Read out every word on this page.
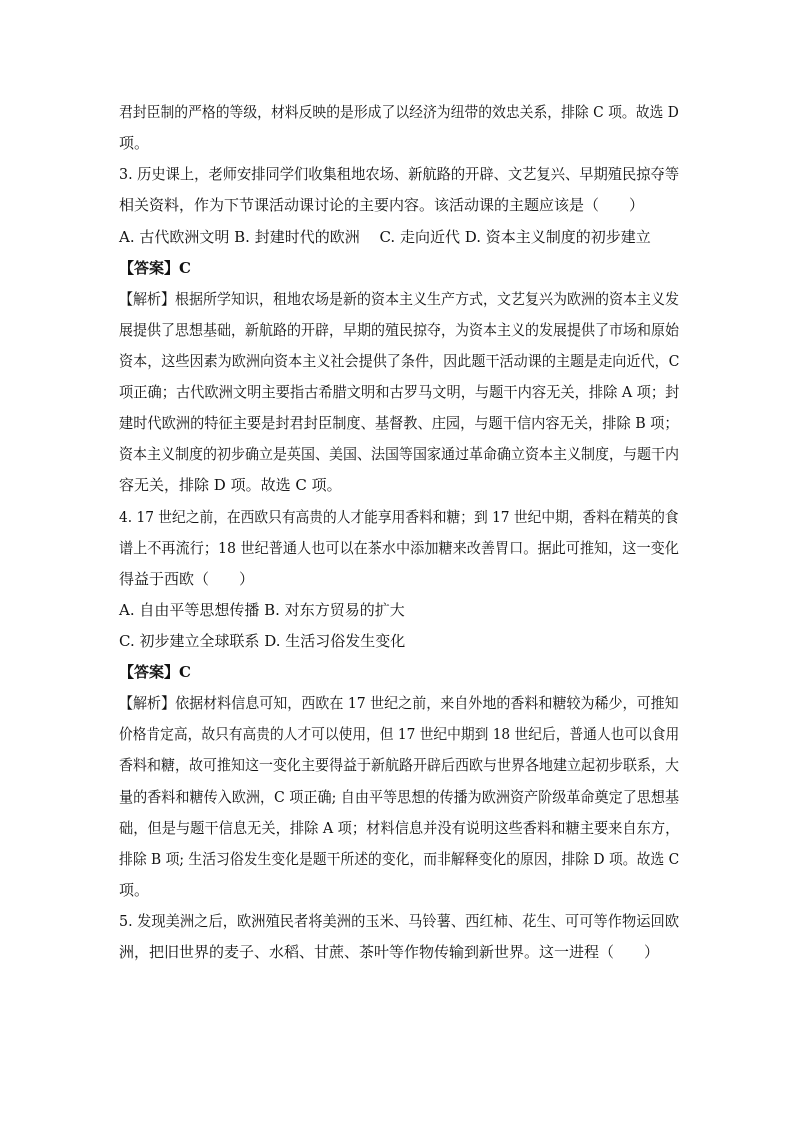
君封臣制的严格的等级，材料反映的是形成了以经济为纽带的效忠关系，排除 C 项。故选 D
项。
3. 历史课上，老师安排同学们收集租地农场、新航路的开辟、文艺复兴、早期殖民掠夺等
相关资料，作为下节课活动课讨论的主要内容。该活动课的主题应该是（　　）
A. 古代欧洲文明 B. 封建时代的欧洲　 C. 走向近代 D. 资本主义制度的初步建立
【答案】C
【解析】根据所学知识，租地农场是新的资本主义生产方式，文艺复兴为欧洲的资本主义发
展提供了思想基础，新航路的开辟，早期的殖民掠夺，为资本主义的发展提供了市场和原始
资本，这些因素为欧洲向资本主义社会提供了条件，因此题干活动课的主题是走向近代，C
项正确；古代欧洲文明主要指古希腊文明和古罗马文明，与题干内容无关，排除 A 项；封
建时代欧洲的特征主要是封君封臣制度、基督教、庄园，与题干信内容无关，排除 B 项；
资本主义制度的初步确立是英国、美国、法国等国家通过革命确立资本主义制度，与题干内
容无关，排除 D 项。故选 C 项。
4. 17 世纪之前，在西欧只有高贵的人才能享用香料和糖；到 17 世纪中期，香料在精英的食
谱上不再流行；18 世纪普通人也可以在茶水中添加糖来改善胃口。据此可推知，这一变化
得益于西欧（　　）
A. 自由平等思想传播 B. 对东方贸易的扩大
C. 初步建立全球联系 D. 生活习俗发生变化
【答案】C
【解析】依据材料信息可知，西欧在 17 世纪之前，来自外地的香料和糖较为稀少，可推知
价格肯定高，故只有高贵的人才可以使用，但 17 世纪中期到 18 世纪后，普通人也可以食用
香料和糖，故可推知这一变化主要得益于新航路开辟后西欧与世界各地建立起初步联系，大
量的香料和糖传入欧洲，C 项正确; 自由平等思想的传播为欧洲资产阶级革命奠定了思想基
础，但是与题干信息无关，排除 A 项；材料信息并没有说明这些香料和糖主要来自东方，
排除 B 项; 生活习俗发生变化是题干所述的变化，而非解释变化的原因，排除 D 项。故选 C
项。
5. 发现美洲之后，欧洲殖民者将美洲的玉米、马铃薯、西红柿、花生、可可等作物运回欧
洲，把旧世界的麦子、水稻、甘蔗、茶叶等作物传输到新世界。这一进程（　　）
